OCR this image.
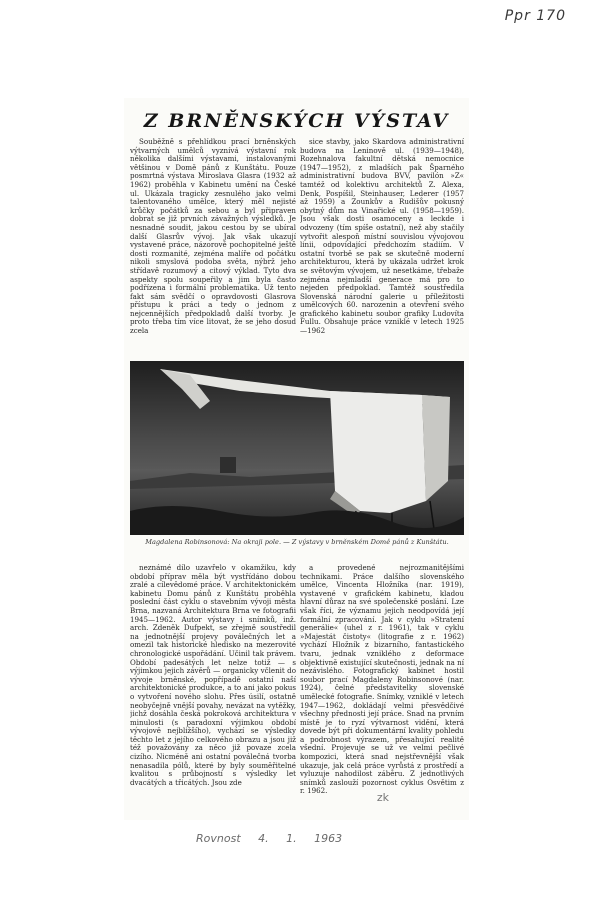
Ppr 170
Z BRNĚNSKÝCH VÝSTAV

Souběžně s přehlídkou prací brněnských výtvarných umělců vyznívá výstavní rok několika dalšími výstavami, instalovanými většinou v Domě pánů z Kunštátu. Pouze posmrtná výstava Miroslava Glasra (1932 až 1962) proběhla v Kabinetu umění na České ul. Ukázala tragicky zesnulého jako velmi talentovaného umělce, který měl nejisté krůčky počátků za sebou a byl připraven dobrat se již prvních závažných výsledků. Je nesnadné soudit, jakou cestou by se ubíral další Glasrův vývoj. Jak však ukazují vystavené práce, názorově pochopitelné ještě dosti rozmanité, zejména malíře od počátku nikoli smyslová podoba světa, nýbrž jeho střídavě rozumový a citový výklad. Tyto dva aspekty spolu soupeřily a jim byla často podřízena i formální problematika. Už tento fakt sám svědčí o opravdovosti Glasrova přístupu k práci a tedy o jednom z nejcennějších předpokladů další tvorby. Je proto třeba tím více litovat, že se jeho dosud zcela

sice stavby, jako Škardova administrativní budova na Leninově ul. (1939—1948), Rozehnalova fakultní dětská nemocnice (1947—1952), z mladších pak Šparného administrativní budova BVV, pavilón »Z« tamtéž od kolektivu architektů Z. Alexa, Denk, Pospíšil, Steinhauser, Lederer (1957 až 1959) a Zounkův a Rudišův pokusný obytný dům na Vinařické ul. (1958—1959). Jsou však dosti osamoceny a leckde i odvozeny (tím spíše ostatní), než aby stačily vytvořit alespoň místní souvislou vývojovou linii, odpovídající předchozím stadiím. V ostatní tvorbě se pak se skutečně moderní architekturou, která by ukázala udržet krok se světovým vývojem, už nesetkáme, třebaže zejména nejmladší generace má pro to nejeden předpoklad. Tamtéž soustředila Slovenská národní galerie u příležitosti umělcových 60. narozenin a otevření svého grafického kabinetu soubor grafiky Ludovíta Fullu. Obsahuje práce vzniklé v letech 1925—1962

Magdalena Robinsonová: Na okraji pole. — Z výstavy v brněnském Domě pánů z Kunštátu.

neznámé dílo uzavřelo v okamžiku, kdy období příprav měla být vystřídáno dobou zralé a cílevědomé práce. V architektonickém kabinetu Domu pánů z Kunštátu proběhla poslední část cyklu o stavebním vývoji města Brna, nazvaná Architektura Brna ve fotografii 1945—1962. Autor výstavy i snímků, inž. arch. Zdeněk Dufpekt, se zřejmě soustředil na jednotnější projevy poválečných let a omezil tak historické hledisko na mezerovité chronologické uspořádání. Učinil tak právem. Období padesátých let nelze totiž — s výjimkou jejich závěrů — organicky včlenit do vývoje brněnské, popřípadě ostatní naší architektonické produkce, a to ani jako pokus o vytvoření nového slohu. Přes úsilí, ostatně neobyčejně vnější povahy, nevázat na vytěžky, jichž dosáhla česká pokroková architektura v minulosti (s paradoxní výjimkou období vývojově nejbližšího), vychází se výsledky těchto let z jejího celkového obrazu a jsou již též považovány za něco již povaze zcela cizího. Nicméně ani ostatní poválečná tvorba nenasadila pólů, které by byly souměřitelné kvalitou s průbojností s výsledky let dvacátých a třicátých. Jsou zde

a provedené nejrozmanitějšími technikami. Práce dalšího slovenského umělce, Vincenta Hložníka (nar. 1919), vystavené v grafickém kabinetu, kladou hlavní důraz na své společenské poslání. Lze však říci, že významu jejich neodpovídá její formální zpracování. Jak v cyklu »Stratení generálie« (uhel z r. 1961), tak v cyklu »Majestát čistoty« (litografie z r. 1962) vychází Hložník z bizarního, fantastického tvaru, jednak vzniklého z deformace objektivně existující skutečnosti, jednak na ní nezávislého. Fotografický kabinet hostil soubor prací Magdaleny Robinsonové (nar. 1924), čelné představitelky slovenské umělecké fotografie. Snímky, vzniklé v letech 1947—1962, dokládají velmi přesvědčivé všechny přednosti její práce. Snad na prvním místě je to ryzí výtvarnost vidění, která dovede být při dokumentární kvality pohledu a podrobnost výrazem, přesahující realitě všední. Projevuje se už ve velmi pečlivé kompozici, která snad nejstřevnější však ukazuje, jak celá práce vyrůstá z prostředí a vyluzuje nahodilost záběru. Z jednotlivých snímků zaslouží pozornost cyklus Osvětim z r. 1962.

zk
Rovnost 4. 1. 1963
